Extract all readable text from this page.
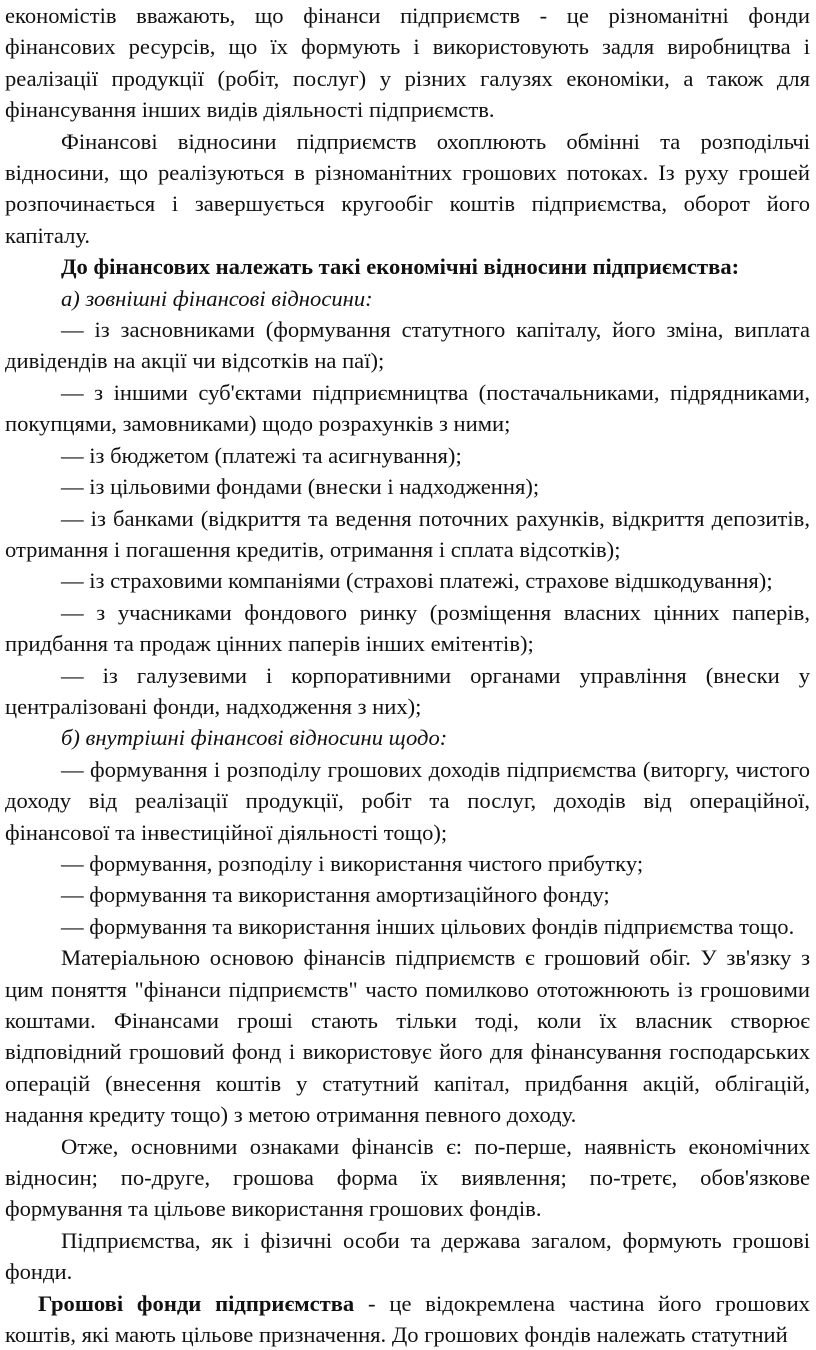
економістів вважають, що фінанси підприємств - це різноманітні фонди фінансових ресурсів, що їх формують і використовують задля виробництва і реалізації продукції (робіт, послуг) у різних галузях економіки, а також для фінансування інших видів діяльності підприємств.

Фінансові відносини підприємств охоплюють обмінні та розподільчі відносини, що реалізуються в різноманітних грошових потоках. Із руху грошей розпочинається і завершується кругообіг коштів підприємства, оборот його капіталу.

До фінансових належать такі економічні відносини підприємства:

а) зовнішні фінансові відносини:

— із засновниками (формування статутного капіталу, його зміна, виплата дивідендів на акції чи відсотків на паї);

— з іншими суб'єктами підприємництва (постачальниками, підрядниками, покупцями, замовниками) щодо розрахунків з ними;

— із бюджетом (платежі та асигнування);

— із цільовими фондами (внески і надходження);

— із банками (відкриття та ведення поточних рахунків, відкриття депозитів, отримання і погашення кредитів, отримання і сплата відсотків);

— із страховими компаніями (страхові платежі, страхове відшкодування);

— з учасниками фондового ринку (розміщення власних цінних паперів, придбання та продаж цінних паперів інших емітентів);

— із галузевими і корпоративними органами управління (внески у централізовані фонди, надходження з них);

б) внутрішні фінансові відносини щодо:

— формування і розподілу грошових доходів підприємства (виторгу, чистого доходу від реалізації продукції, робіт та послуг, доходів від операційної, фінансової та інвестиційної діяльності тощо);

— формування, розподілу і використання чистого прибутку;

— формування та використання амортизаційного фонду;

— формування та використання інших цільових фондів підприємства тощо.

Матеріальною основою фінансів підприємств є грошовий обіг. У зв'язку з цим поняття "фінанси підприємств" часто помилково ототожнюють із грошовими коштами. Фінансами гроші стають тільки тоді, коли їх власник створює відповідний грошовий фонд і використовує його для фінансування господарських операцій (внесення коштів у статутний капітал, придбання акцій, облігацій, надання кредиту тощо) з метою отримання певного доходу.

Отже, основними ознаками фінансів є: по-перше, наявність економічних відносин; по-друге, грошова форма їх виявлення; по-третє, обов'язкове формування та цільове використання грошових фондів.

Підприємства, як і фізичні особи та держава загалом, формують грошові фонди.

Грошові фонди підприємства - це відокремлена частина його грошових коштів, які мають цільове призначення. До грошових фондів належать статутний
